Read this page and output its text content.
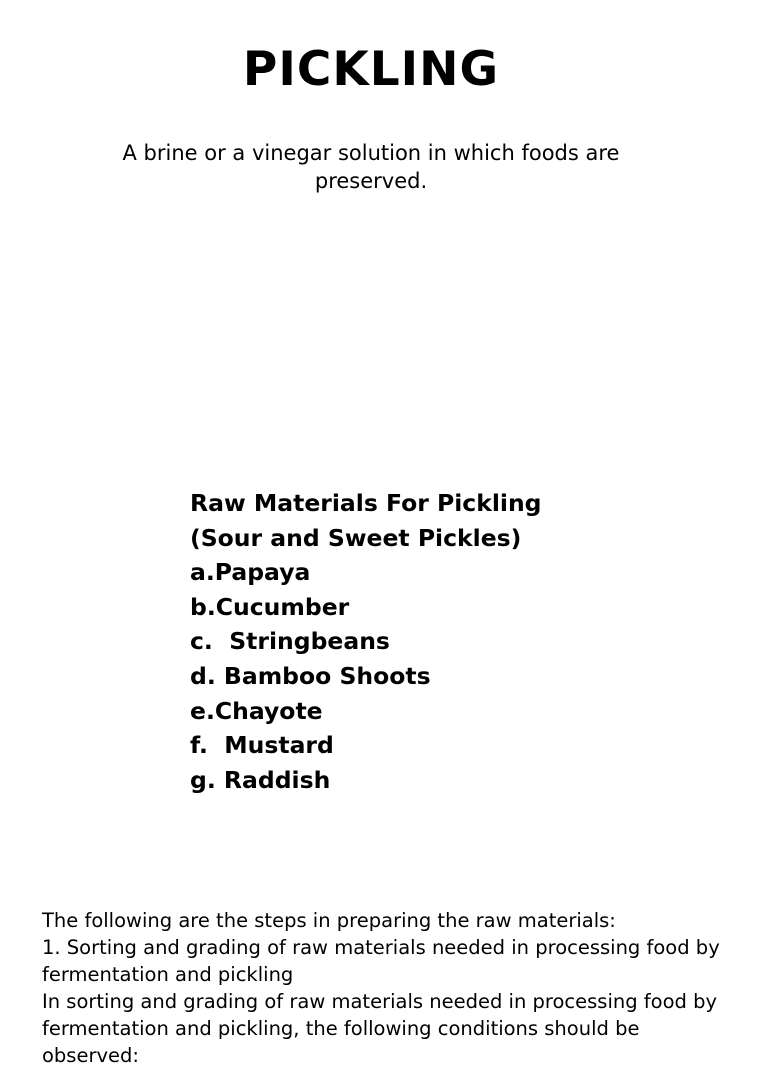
PICKLING

A brine or a vinegar solution in which foods are preserved.

Raw Materials For Pickling
(Sour and Sweet Pickles)
a.Papaya
b.Cucumber
c.  Stringbeans
d. Bamboo Shoots
e.Chayote
f.  Mustard
g. Raddish

The following are the steps in preparing the raw materials:

1. Sorting and grading of raw materials needed in processing food by fermentation and pickling

In sorting and grading of raw materials needed in processing food by fermentation and pickling, the following conditions should be observed:
